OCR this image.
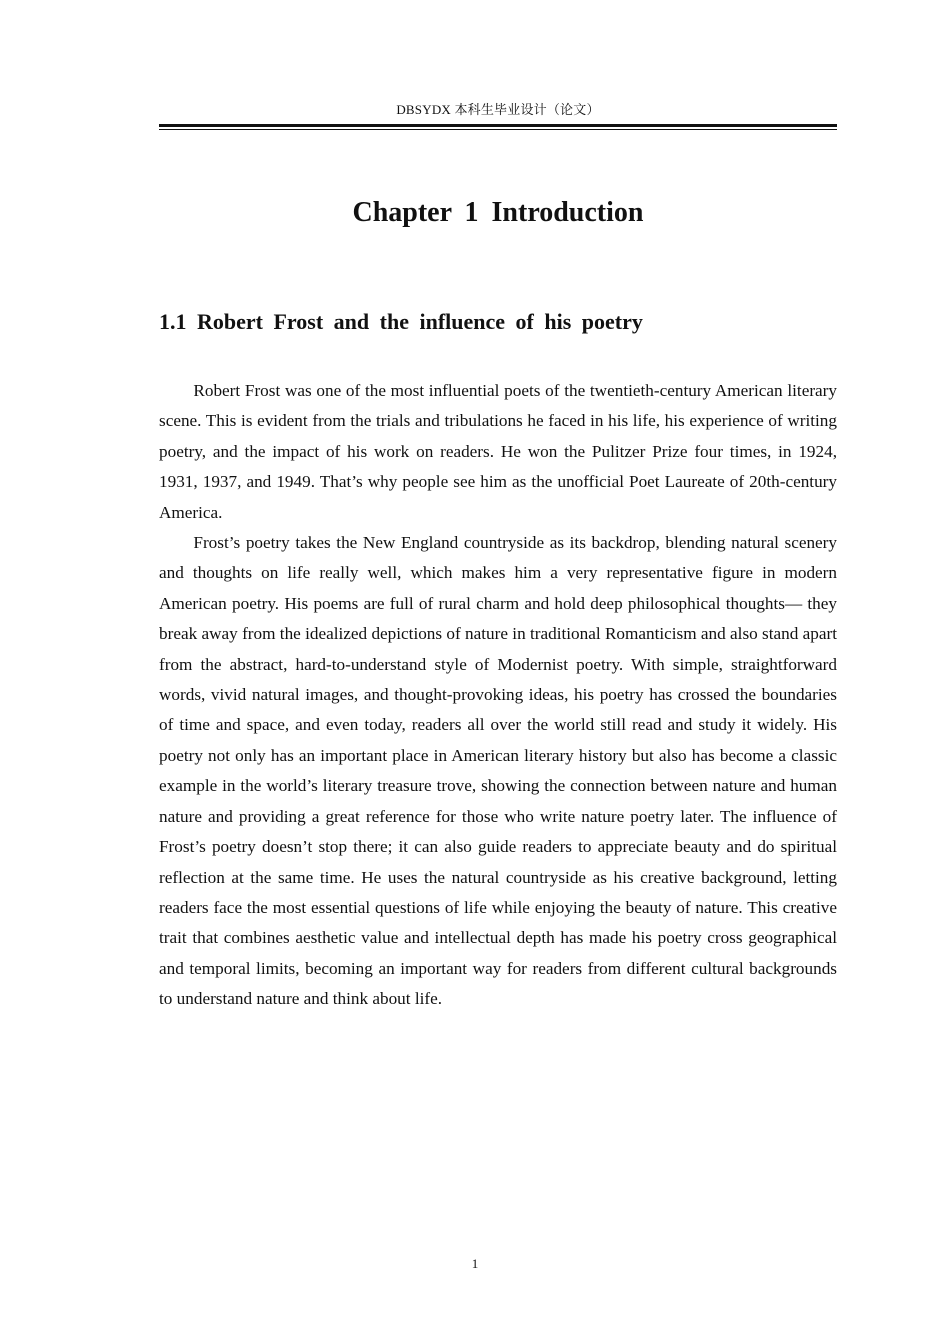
DBSYDX 本科生毕业设计（论文）
Chapter 1 Introduction
1.1 Robert Frost and the influence of his poetry

Robert Frost was one of the most influential poets of the twentieth-century American literary scene. This is evident from the trials and tribulations he faced in his life, his experience of writing poetry, and the impact of his work on readers. He won the Pulitzer Prize four times, in 1924, 1931, 1937, and 1949. That’s why people see him as the unofficial Poet Laureate of 20th-century America.

Frost’s poetry takes the New England countryside as its backdrop, blending natural scenery and thoughts on life really well, which makes him a very representative figure in modern American poetry. His poems are full of rural charm and hold deep philosophical thoughts— they break away from the idealized depictions of nature in traditional Romanticism and also stand apart from the abstract, hard-to-understand style of Modernist poetry. With simple, straightforward words, vivid natural images, and thought-provoking ideas, his poetry has crossed the boundaries of time and space, and even today, readers all over the world still read and study it widely. His poetry not only has an important place in American literary history but also has become a classic example in the world’s literary treasure trove, showing the connection between nature and human nature and providing a great reference for those who write nature poetry later. The influence of Frost’s poetry doesn’t stop there; it can also guide readers to appreciate beauty and do spiritual reflection at the same time. He uses the natural countryside as his creative background, letting readers face the most essential questions of life while enjoying the beauty of nature. This creative trait that combines aesthetic value and intellectual depth has made his poetry cross geographical and temporal limits, becoming an important way for readers from different cultural backgrounds to understand nature and think about life.

1
